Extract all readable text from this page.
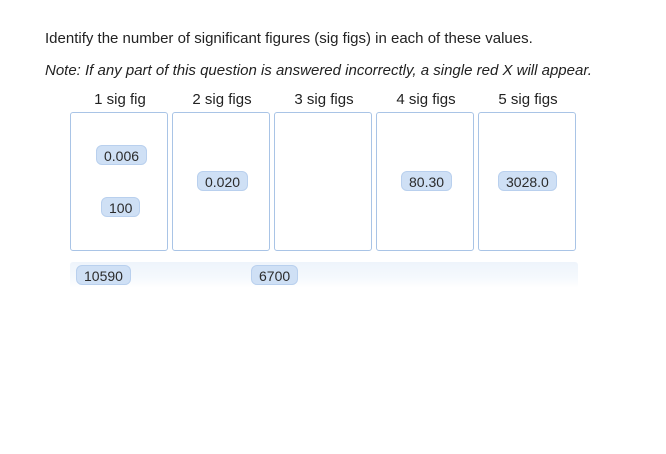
Identify the number of significant figures (sig figs) in each of these values.
Note: If any part of this question is answered incorrectly, a single red X will appear.
1 sig fig	2 sig figs	3 sig figs	4 sig figs	5 sig figs
0.006
100
0.020	80.30	3028.0
10590	6700
